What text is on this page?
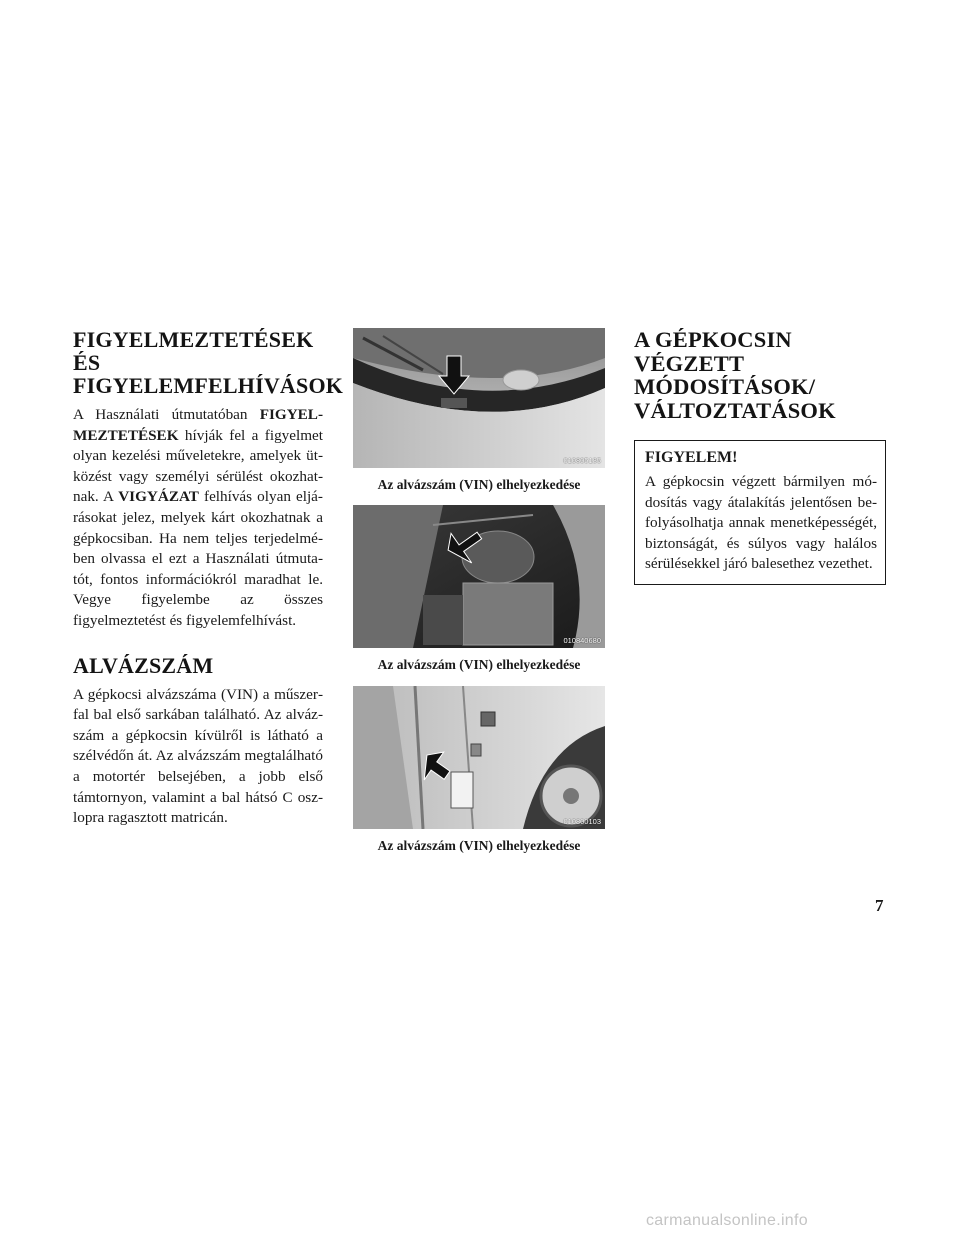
FIGYELMEZTETÉSEK ÉS
FIGYELEMFELHÍVÁSOK

A Használati útmutatóban FIGYELMEZTETÉSEK hívják fel a figyelmet olyan kezelési műveletekre, amelyek ütközést vagy személyi sérülést okozhatnak. A VIGYÁZAT felhívás olyan eljárásokat jelez, melyek kárt okozhatnak a gépkocsiban. Ha nem teljes terjedelmében olvassa el ezt a Használati útmutatót, fontos információkról maradhat le. Vegye figyelembe az összes figyelmeztetést és figyelemfelhívást.

ALVÁZSZÁM

A gépkocsi alvázszáma (VIN) a műszerfal bal első sarkában található. Az alvázszám a gépkocsin kívülről is látható a szélvédőn át. Az alvázszám megtalálható a motortér belsejében, a jobb első támtornyon, valamint a bal hátsó C oszlopra ragasztott matricán.

010805185
Az alvázszám (VIN) elhelyezkedése
010840680
Az alvázszám (VIN) elhelyezkedése
010800103
Az alvázszám (VIN) elhelyezkedése
A GÉPKOCSIN
VÉGZETT
MÓDOSÍTÁSOK/
VÁLTOZTATÁSOK

FIGYELEM!

A gépkocsin végzett bármilyen módosítás vagy átalakítás jelentősen befolyásolhatja annak menetképességét, biztonságát, és súlyos vagy halálos sérülésekkel járó balesethez vezethet.

7
carmanualsonline.info
